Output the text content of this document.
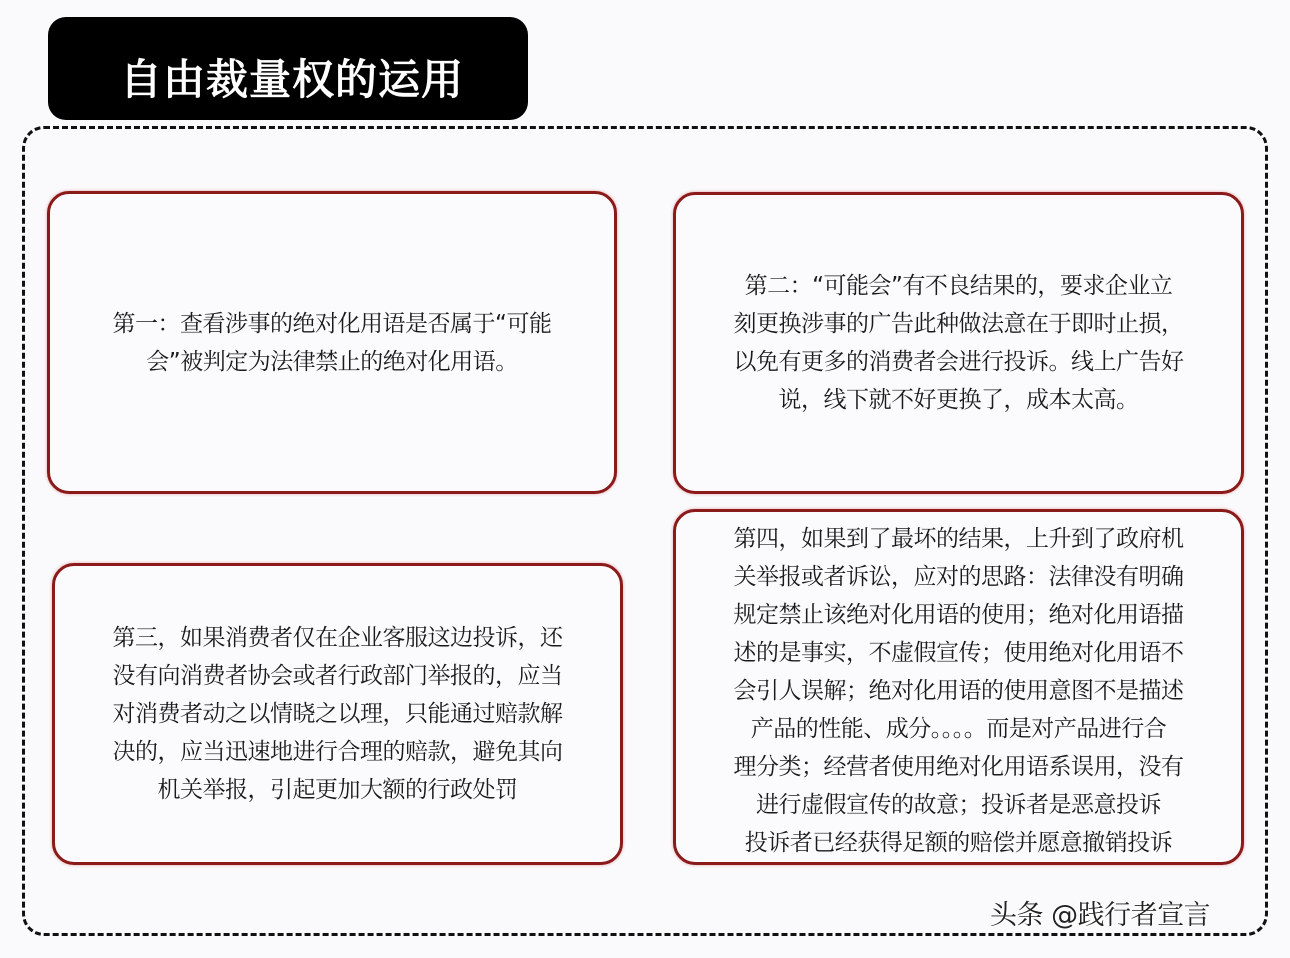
自由裁量权的运用
第一：查看涉事的绝对化用语是否属于“可能
会”被判定为法律禁止的绝对化用语。
第二：“可能会”有不良结果的，要求企业立
刻更换涉事的广告此种做法意在于即时止损，
以免有更多的消费者会进行投诉。线上广告好
说，线下就不好更换了，成本太高。
第三，如果消费者仅在企业客服这边投诉，还
没有向消费者协会或者行政部门举报的，应当
对消费者动之以情晓之以理，只能通过赔款解
决的，应当迅速地进行合理的赔款，避免其向
机关举报，引起更加大额的行政处罚
第四，如果到了最坏的结果，上升到了政府机
关举报或者诉讼，应对的思路：法律没有明确
规定禁止该绝对化用语的使用；绝对化用语描
述的是事实，不虚假宣传；使用绝对化用语不
会引人误解；绝对化用语的使用意图不是描述
产品的性能、成分。。。。而是对产品进行合
理分类；经营者使用绝对化用语系误用，没有
进行虚假宣传的故意；投诉者是恶意投诉
投诉者已经获得足额的赔偿并愿意撤销投诉
头条 @践行者宣言
